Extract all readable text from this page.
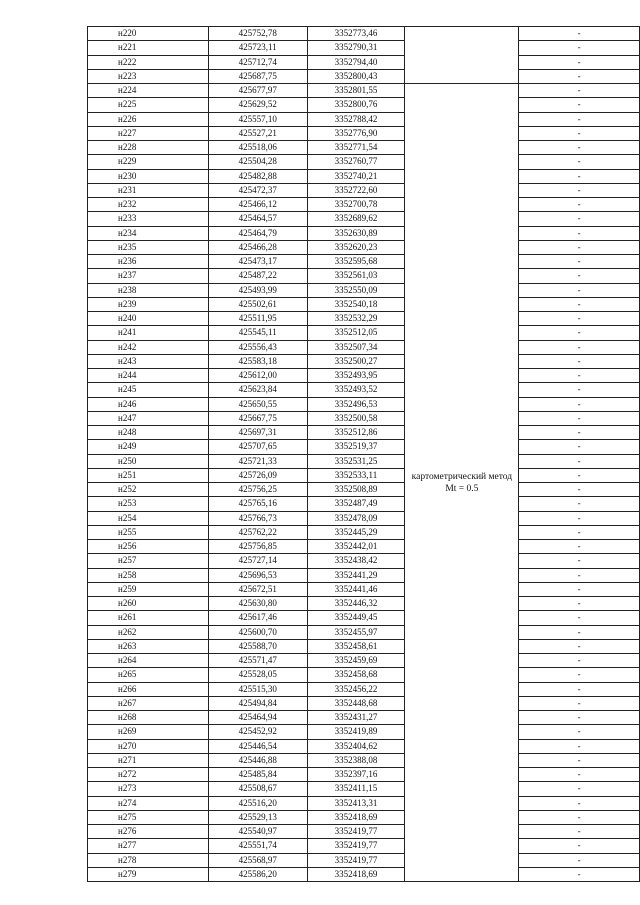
н220	425752,78	3352773,46		-
н221	425723,11	3352790,31		-
н222	425712,74	3352794,40		-
н223	425687,75	3352800,43		-
н224	425677,97	3352801,55	картометрический метод Mt = 0.5	-
н225	425629,52	3352800,76		-
н226	425557,10	3352788,42		-
н227	425527,21	3352776,90		-
н228	425518,06	3352771,54		-
н229	425504,28	3352760,77		-
н230	425482,88	3352740,21		-
н231	425472,37	3352722,60		-
н232	425466,12	3352700,78		-
н233	425464,57	3352689,62		-
н234	425464,79	3352630,89		-
н235	425466,28	3352620,23		-
н236	425473,17	3352595,68		-
н237	425487,22	3352561,03		-
н238	425493,99	3352550,09		-
н239	425502,61	3352540,18		-
н240	425511,95	3352532,29		-
н241	425545,11	3352512,05		-
н242	425556,43	3352507,34		-
н243	425583,18	3352500,27		-
н244	425612,00	3352493,95		-
н245	425623,84	3352493,52		-
н246	425650,55	3352496,53		-
н247	425667,75	3352500,58		-
н248	425697,31	3352512,86		-
н249	425707,65	3352519,37		-
н250	425721,33	3352531,25		-
н251	425726,09	3352533,11		-
н252	425756,25	3352508,89		-
н253	425765,16	3352487,49		-
н254	425766,73	3352478,09		-
н255	425762,22	3352445,29		-
н256	425756,85	3352442,01		-
н257	425727,14	3352438,42		-
н258	425696,53	3352441,29		-
н259	425672,51	3352441,46		-
н260	425630,80	3352446,32		-
н261	425617,46	3352449,45		-
н262	425600,70	3352455,97		-
н263	425588,70	3352458,61		-
н264	425571,47	3352459,69		-
н265	425528,05	3352458,68		-
н266	425515,30	3352456,22		-
н267	425494,84	3352448,68		-
н268	425464,94	3352431,27		-
н269	425452,92	3352419,89		-
н270	425446,54	3352404,62		-
н271	425446,88	3352388,08		-
н272	425485,84	3352397,16		-
н273	425508,67	3352411,15		-
н274	425516,20	3352413,31		-
н275	425529,13	3352418,69		-
н276	425540,97	3352419,77		-
н277	425551,74	3352419,77		-
н278	425568,97	3352419,77		-
н279	425586,20	3352418,69		-
